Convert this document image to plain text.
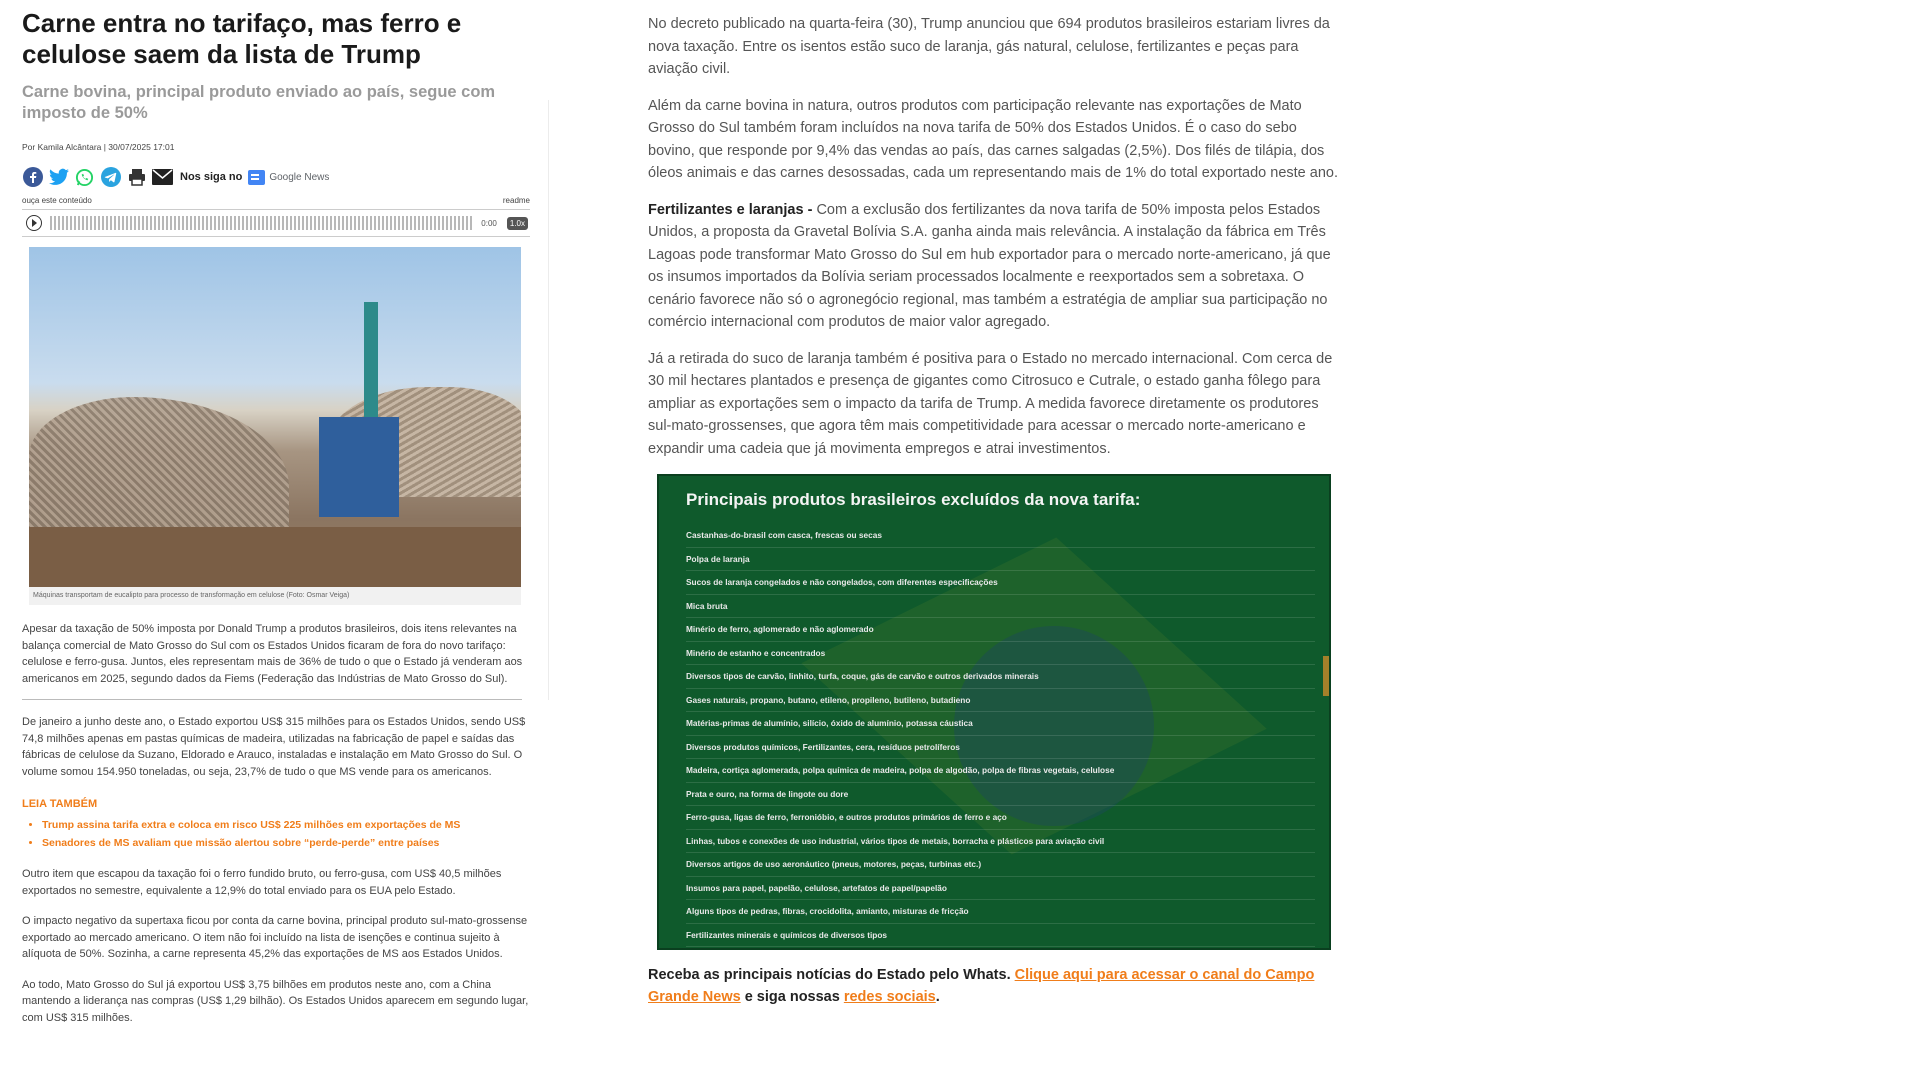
Carne entra no tarifaço, mas ferro e celulose saem da lista de Trump
Carne bovina, principal produto enviado ao país, segue com imposto de 50%
Por Kamila Alcântara | 30/07/2025 17:01
Nos siga no	Google News
ouça este conteúdo	readme
0:00	1.0x
Máquinas transportam de eucalipto para processo de transformação em celulose (Foto: Osmar Veiga)

Apesar da taxação de 50% imposta por Donald Trump a produtos brasileiros, dois itens relevantes na balança comercial de Mato Grosso do Sul com os Estados Unidos ficaram de fora do novo tarifaço: celulose e ferro-gusa. Juntos, eles representam mais de 36% de tudo o que o Estado já venderam aos americanos em 2025, segundo dados da Fiems (Federação das Indústrias de Mato Grosso do Sul).

De janeiro a junho deste ano, o Estado exportou US$ 315 milhões para os Estados Unidos, sendo US$ 74,8 milhões apenas em pastas químicas de madeira, utilizadas na fabricação de papel e saídas das fábricas de celulose da Suzano, Eldorado e Arauco, instaladas e instalação em Mato Grosso do Sul. O volume somou 154.950 toneladas, ou seja, 23,7% de tudo o que MS vende para os americanos.

LEIA TAMBÉM
• Trump assina tarifa extra e coloca em risco US$ 225 milhões em exportações de MS
• Senadores de MS avaliam que missão alertou sobre “perde-perde” entre países

Outro item que escapou da taxação foi o ferro fundido bruto, ou ferro-gusa, com US$ 40,5 milhões exportados no semestre, equivalente a 12,9% do total enviado para os EUA pelo Estado.

O impacto negativo da supertaxa ficou por conta da carne bovina, principal produto sul-mato-grossense exportado ao mercado americano. O item não foi incluído na lista de isenções e continua sujeito à alíquota de 50%. Sozinha, a carne representa 45,2% das exportações de MS aos Estados Unidos.

Ao todo, Mato Grosso do Sul já exportou US$ 3,75 bilhões em produtos neste ano, com a China mantendo a liderança nas compras (US$ 1,29 bilhão). Os Estados Unidos aparecem em segundo lugar, com US$ 315 milhões.

No decreto publicado na quarta-feira (30), Trump anunciou que 694 produtos brasileiros estariam livres da nova taxação. Entre os isentos estão suco de laranja, gás natural, celulose, fertilizantes e peças para aviação civil.

Além da carne bovina in natura, outros produtos com participação relevante nas exportações de Mato Grosso do Sul também foram incluídos na nova tarifa de 50% dos Estados Unidos. É o caso do sebo bovino, que responde por 9,4% das vendas ao país, das carnes salgadas (2,5%). Dos filés de tilápia, dos óleos animais e das carnes desossadas, cada um representando mais de 1% do total exportado neste ano.

Fertilizantes e laranjas - Com a exclusão dos fertilizantes da nova tarifa de 50% imposta pelos Estados Unidos, a proposta da Gravetal Bolívia S.A. ganha ainda mais relevância. A instalação da fábrica em Três Lagoas pode transformar Mato Grosso do Sul em hub exportador para o mercado norte-americano, já que os insumos importados da Bolívia seriam processados localmente e reexportados sem a sobretaxa. O cenário favorece não só o agronegócio regional, mas também a estratégia de ampliar sua participação no comércio internacional com produtos de maior valor agregado.

Já a retirada do suco de laranja também é positiva para o Estado no mercado internacional. Com cerca de 30 mil hectares plantados e presença de gigantes como Citrosuco e Cutrale, o estado ganha fôlego para ampliar as exportações sem o impacto da tarifa de Trump. A medida favorece diretamente os produtores sul-mato-grossenses, que agora têm mais competitividade para acessar o mercado norte-americano e expandir uma cadeia que já movimenta empregos e atrai investimentos.

Principais produtos brasileiros excluídos da nova tarifa:
Castanhas-do-brasil com casca, frescas ou secas
Polpa de laranja
Sucos de laranja congelados e não congelados, com diferentes especificações
Mica bruta
Minério de ferro, aglomerado e não aglomerado
Minério de estanho e concentrados
Diversos tipos de carvão, linhito, turfa, coque, gás de carvão e outros derivados minerais
Gases naturais, propano, butano, etileno, propileno, butileno, butadieno
Matérias-primas de alumínio, silício, óxido de alumínio, potassa cáustica
Diversos produtos químicos, Fertilizantes, cera, resíduos petrolíferos
Madeira, cortiça aglomerada, polpa química de madeira, polpa de algodão, polpa de fibras vegetais, celulose
Prata e ouro, na forma de lingote ou dore
Ferro-gusa, ligas de ferro, ferronióbio, e outros produtos primários de ferro e aço
Linhas, tubos e conexões de uso industrial, vários tipos de metais, borracha e plásticos para aviação civil
Diversos artigos de uso aeronáutico (pneus, motores, peças, turbinas etc.)
Insumos para papel, papelão, celulose, artefatos de papel/papelão
Alguns tipos de pedras, fibras, crocidolita, amianto, misturas de fricção
Fertilizantes minerais e químicos de diversos tipos
Receba as principais notícias do Estado pelo Whats. Clique aqui para acessar o canal do Campo Grande News e siga nossas redes sociais.
